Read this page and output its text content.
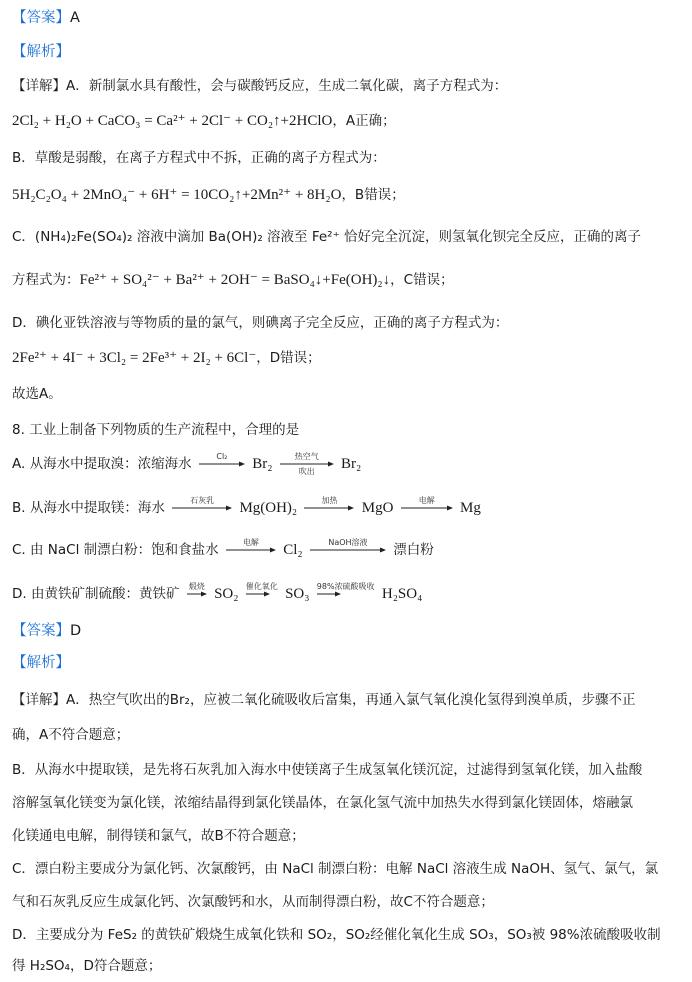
【答案】A
【解析】
【详解】A．新制氯水具有酸性，会与碳酸钙反应，生成二氧化碳，离子方程式为：
2Cl₂ + H₂O + CaCO₃ = Ca²⁺ + 2Cl⁻ + CO₂↑+2HClO，A正确；
B．草酸是弱酸，在离子方程式中不拆，正确的离子方程式为：
5H₂C₂O₄ + 2MnO₄⁻ + 6H⁺ = 10CO₂↑+2Mn²⁺ + 8H₂O，B错误；
C．(NH₄)₂Fe(SO₄)₂ 溶液中滴加 Ba(OH)₂ 溶液至 Fe²⁺ 恰好完全沉淀，则氢氧化钡完全反应，正确的离子
方程式为：Fe²⁺ + SO₄²⁻ + Ba²⁺ + 2OH⁻ = BaSO₄↓+Fe(OH)₂↓，C错误；
D．碘化亚铁溶液与等物质的量的氯气，则碘离子完全反应，正确的离子方程式为：
2Fe²⁺ + 4I⁻ + 3Cl₂ = 2Fe³⁺ + 2I₂ + 6Cl⁻，D错误；
故选A。
8. 工业上制备下列物质的生产流程中，合理的是
A. 从海水中提取溴：浓缩海水	Cl₂	Br₂	热空气
吹出	Br₂
B. 从海水中提取镁：海水	石灰乳	Mg(OH)₂	加热	MgO	电解	Mg
C. 由 NaCl 制漂白粉：饱和食盐水	电解	Cl₂	NaOH溶液	漂白粉
D. 由黄铁矿制硫酸：黄铁矿 煅烧 SO₂ 催化氧化 SO₃ 98%浓硫酸吸收 H₂SO₄
【答案】D
【解析】
【详解】A．热空气吹出的Br₂，应被二氧化硫吸收后富集，再通入氯气氧化溴化氢得到溴单质，步骤不正
确，A不符合题意；
B．从海水中提取镁，是先将石灰乳加入海水中使镁离子生成氢氧化镁沉淀，过滤得到氢氧化镁，加入盐酸
溶解氢氧化镁变为氯化镁，浓缩结晶得到氯化镁晶体，在氯化氢气流中加热失水得到氯化镁固体，熔融氯
化镁通电电解，制得镁和氯气，故B不符合题意；
C．漂白粉主要成分为氯化钙、次氯酸钙，由 NaCl 制漂白粉：电解 NaCl 溶液生成 NaOH、氢气、氯气，氯
气和石灰乳反应生成氯化钙、次氯酸钙和水，从而制得漂白粉，故C不符合题意；
D．主要成分为 FeS₂ 的黄铁矿煅烧生成氧化铁和 SO₂，SO₂经催化氧化生成 SO₃，SO₃被 98%浓硫酸吸收制
得 H₂SO₄，D符合题意；
